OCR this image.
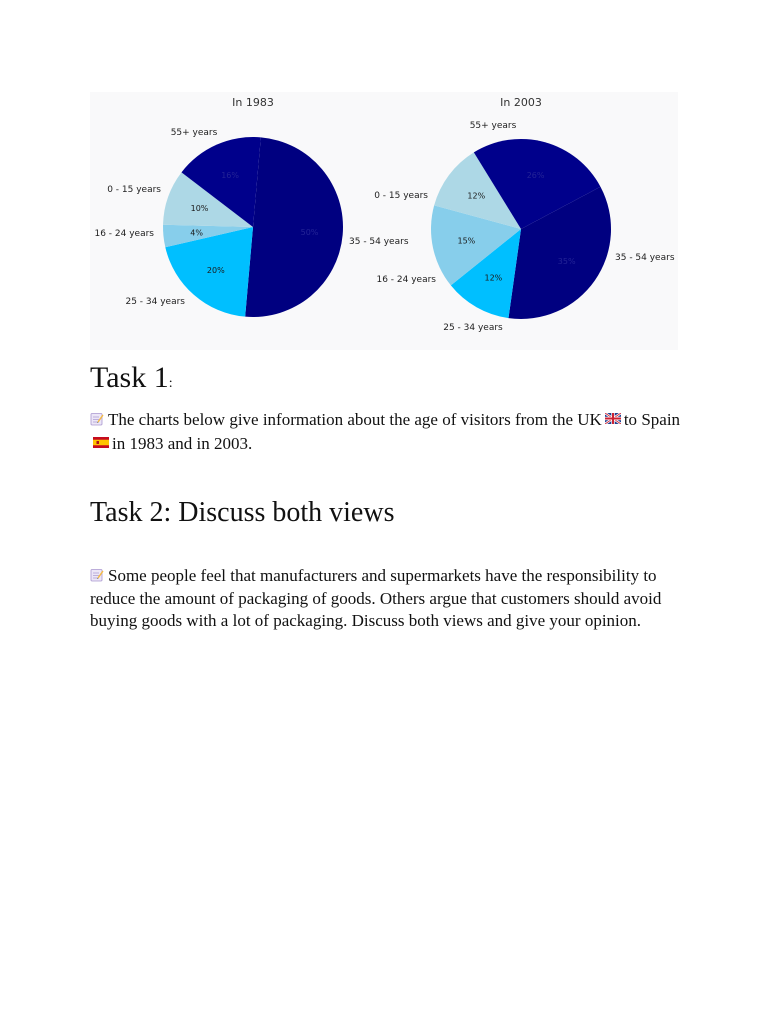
In 1983
50%
35 - 54 years
20%
25 - 34 years
4%
16 - 24 years
10%
0 - 15 years
16%
55+ years
In 2003
35%	35 - 54 years
12%
25 - 34 years
15%
16 - 24 years
12%
0 - 15 years
26%
55+ years
Task 1:

The charts below give information about the age of visitors from the UK to Spainin 1983 and in 2003.

Task 2: Discuss both views

Some people feel that manufacturers and supermarkets have the responsibility to reduce the amount of packaging of goods. Others argue that customers should avoid buying goods with a lot of packaging. Discuss both views and give your opinion.
